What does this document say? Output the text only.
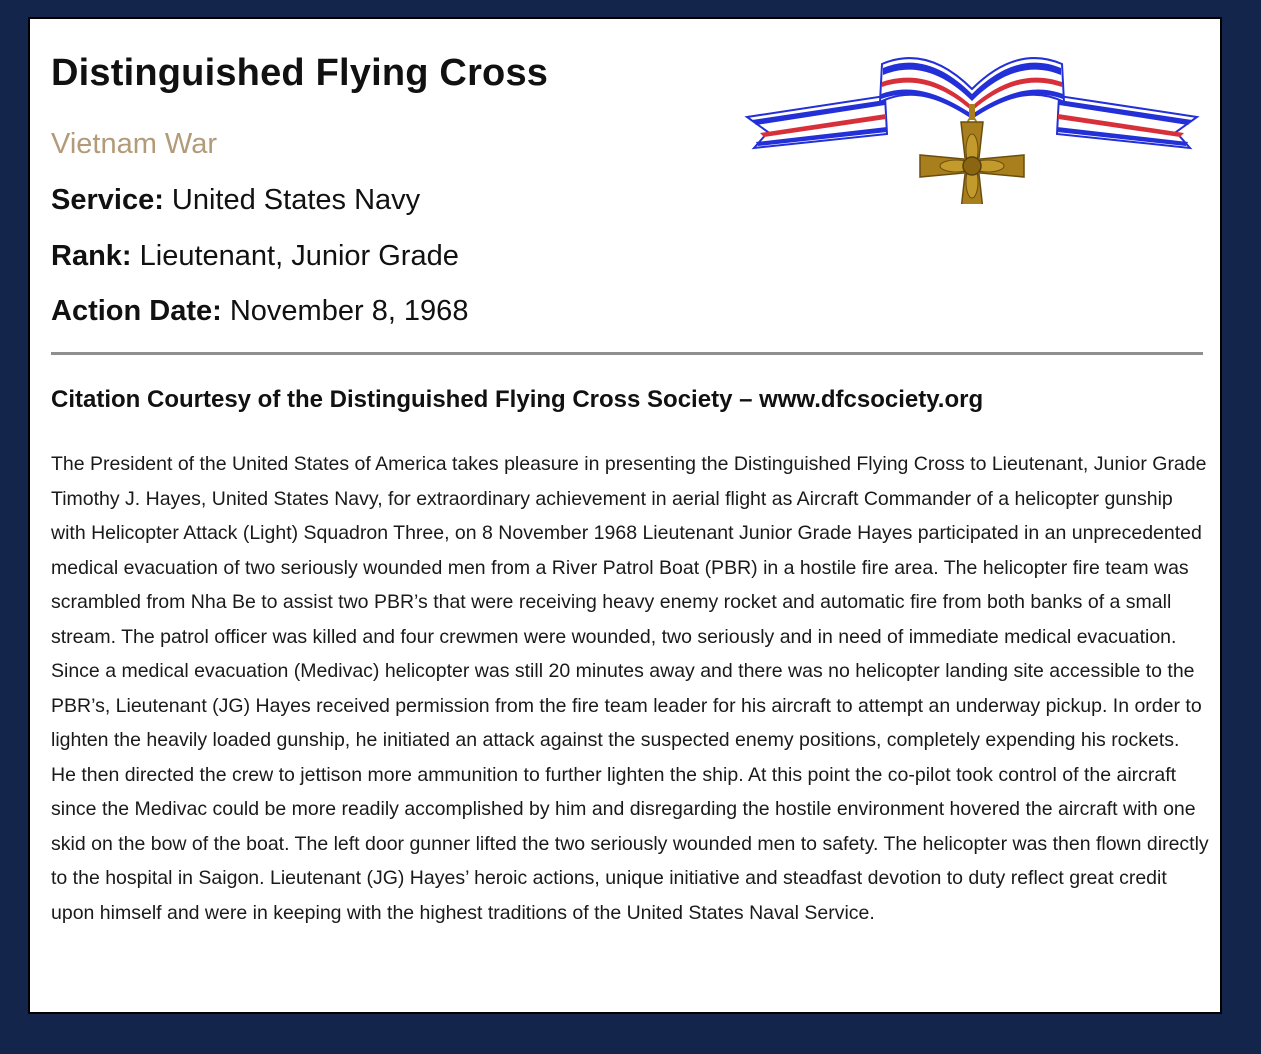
Distinguished Flying Cross
Vietnam War
Service: United States Navy
Rank: Lieutenant, Junior Grade
Action Date: November 8, 1968
Citation Courtesy of the Distinguished Flying Cross Society – www.dfcsociety.org

The President of the United States of America takes pleasure in presenting the Distinguished Flying Cross to Lieutenant, Junior Grade Timothy J. Hayes, United States Navy, for extraordinary achievement in aerial flight as Aircraft Commander of a helicopter gunship with Helicopter Attack (Light) Squadron Three, on 8 November 1968 Lieutenant Junior Grade Hayes participated in an unprecedented medical evacuation of two seriously wounded men from a River Patrol Boat (PBR) in a hostile fire area. The helicopter fire team was scrambled from Nha Be to assist two PBR’s that were receiving heavy enemy rocket and automatic fire from both banks of a small stream. The patrol officer was killed and four crewmen were wounded, two seriously and in need of immediate medical evacuation. Since a medical evacuation (Medivac) helicopter was still 20 minutes away and there was no helicopter landing site accessible to the PBR’s, Lieutenant (JG) Hayes received permission from the fire team leader for his aircraft to attempt an underway pickup. In order to lighten the heavily loaded gunship, he initiated an attack against the suspected enemy positions, completely expending his rockets. He then directed the crew to jettison more ammunition to further lighten the ship. At this point the co-pilot took control of the aircraft since the Medivac could be more readily accomplished by him and disregarding the hostile environment hovered the aircraft with one skid on the bow of the boat. The left door gunner lifted the two seriously wounded men to safety. The helicopter was then flown directly to the hospital in Saigon. Lieutenant (JG) Hayes’ heroic actions, unique initiative and steadfast devotion to duty reflect great credit upon himself and were in keeping with the highest traditions of the United States Naval Service.
